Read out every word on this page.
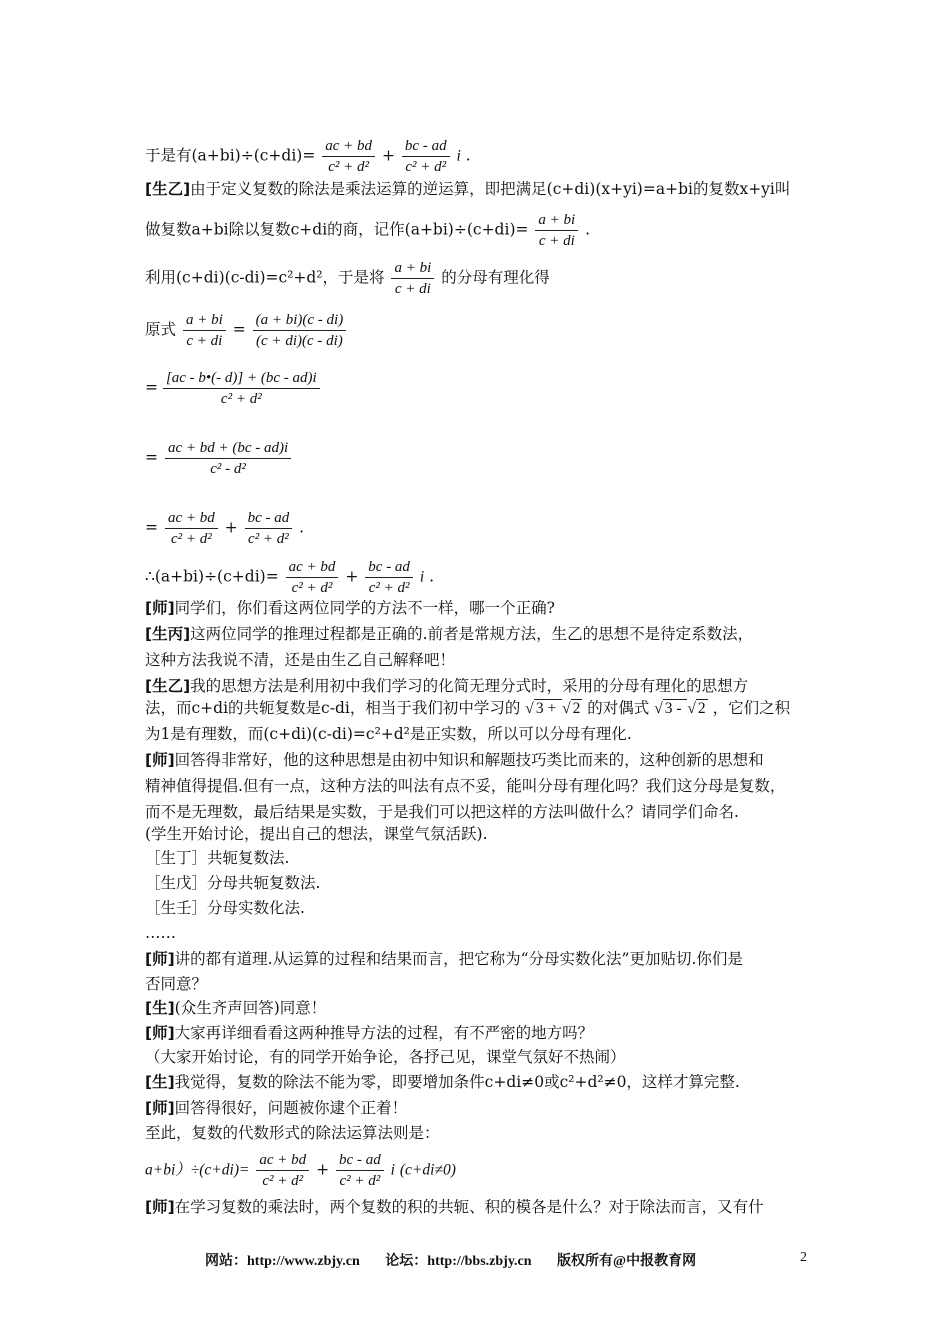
于是有$(a+bi)\div(c+di)= \frac{ac + bd}{\text{c² + d²}} + \frac{bc - ad}{\text{c² + d²}}$ i .
[生乙]由于定义复数的除法是乘法运算的逆运算，即把满足(c+di)(x+yi)=a+bi的复数x+yi叫
做复数a+bi除以复数c+di的商，记作$(a+bi)\div(c+di)= \frac{a + bi}{c + di}$ .
利用(c+di)(c-di)=c²+d²，于是将 $\frac{a + bi}{c + di}$ 的分母有理化得
原式 $\frac{a + bi}{c + di} = \frac{(a + bi)(c - di)}{(c + di)(c - di)}$
= $\frac{[ac - b•(- d)] + (bc - ad)i}{\text{c² + d²}}$
= $\frac{ac + bd + (bc - ad)i}{\text{c² - d²}}$
= $\frac{ac + bd}{\text{c² + d²}} + \frac{bc - ad}{\text{c² + d²}}$ .
∴(a+bi)÷(c+di)= $\frac{ac + bd}{\text{c² + d²}} + \frac{bc - ad}{\text{c² + d²}}$ i .
[师]同学们，你们看这两位同学的方法不一样，哪一个正确?
[生丙]这两位同学的推理过程都是正确的.前者是常规方法，生乙的思想不是待定系数法，
这种方法我说不清，还是由生乙自己解释吧！
[生乙]我的思想方法是利用初中我们学习的化简无理分式时，采用的分母有理化的思想方
法，而c+di的共轭复数是c-di，相当于我们初中学习的 √ 3 + √ 2 的对偶式 √ 3 - √ 2 ，它们之积
为1是有理数，而(c+di)(c-di)=c²+d²是正实数，所以可以分母有理化.
[师]回答得非常好，他的这种思想是由初中知识和解题技巧类比而来的，这种创新的思想和
精神值得提倡.但有一点，这种方法的叫法有点不妥，能叫分母有理化吗？我们这分母是复数，
而不是无理数，最后结果是实数，于是我们可以把这样的方法叫做什么？请同学们命名.
(学生开始讨论，提出自己的想法，课堂气氛活跃).
［生丁］共轭复数法.
［生戊］分母共轭复数法.
［生壬］分母实数化法.
……
[师]讲的都有道理.从运算的过程和结果而言，把它称为“分母实数化法”更加贴切.你们是
否同意？
[生](众生齐声回答)同意！
[师]大家再详细看看这两种推导方法的过程，有不严密的地方吗？
（大家开始讨论，有的同学开始争论，各抒己见，课堂气氛好不热闹）
[生]我觉得，复数的除法不能为零，即要增加条件c+di≠0或c²+d²≠0，这样才算完整.
[师]回答得很好，问题被你逮个正着！
至此，复数的代数形式的除法运算法则是：
$a+bi)\div(c+di)= \frac{ac + bd}{\text{c² + d²}} + \frac{bc - ad}{\text{c² + d²}}$ i (c+di≠0)
[师]在学习复数的乘法时，两个复数的积的共轭、积的模各是什么？对于除法而言，又有什
网站：http://www.zbjy.cn 论坛：http://bbs.zbjy.cn 版权所有@中报教育网	2
